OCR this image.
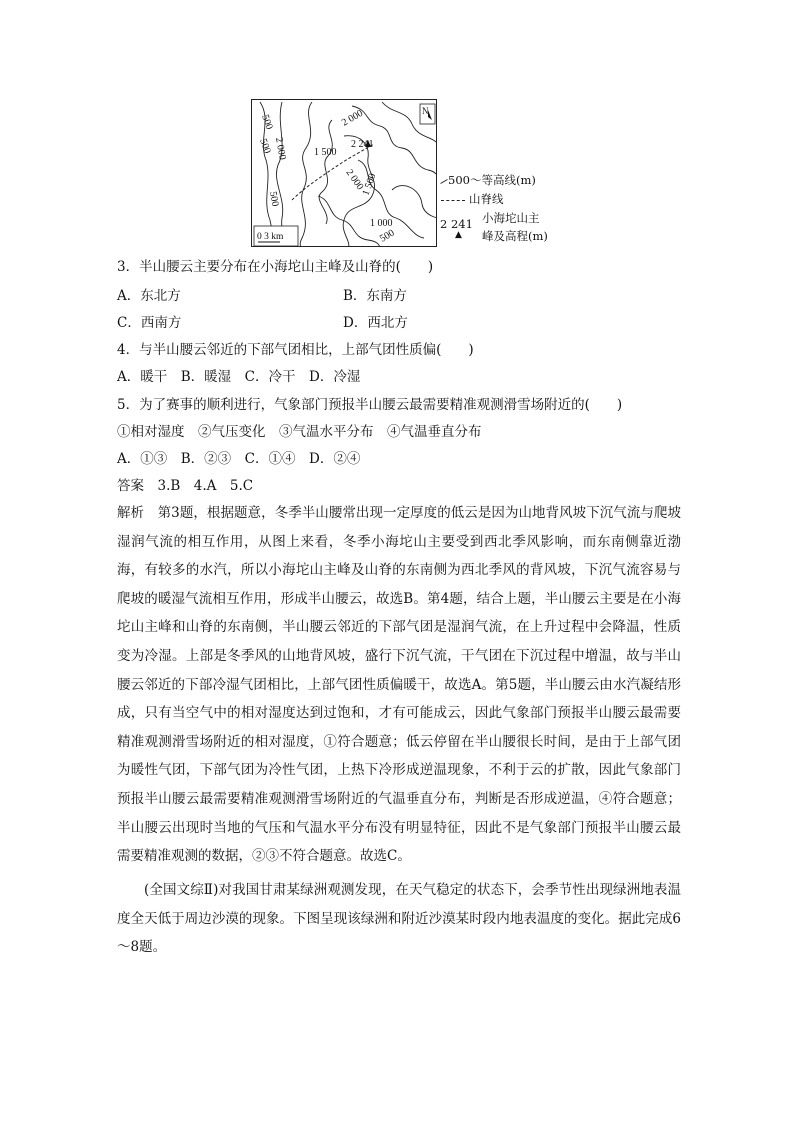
2 000
1 500
2 241
2 000
1 500
1 000
500
500
500
500
2 000
N
0 3 km
500～等高线(m)
山脊线
小海坨山主
2 241
▲ 峰及高程(m)
3．半山腰云主要分布在小海坨山主峰及山脊的(　　)
A．东北方	B．东南方
C．西南方	D．西北方
4．与半山腰云邻近的下部气团相比，上部气团性质偏(　　)
A．暖干　B．暖湿　C．冷干　D．冷湿
5．为了赛事的顺利进行，气象部门预报半山腰云最需要精准观测滑雪场附近的(　　)
①相对湿度　②气压变化　③气温水平分布　④气温垂直分布
A．①③　B．②③　C．①④　D．②④
答案　 3.B　4.A　5.C
解析　 第3题，根据题意，冬季半山腰常出现一定厚度的低云是因为山地背风坡下沉气流与爬坡湿润气流的相互作用，从图上来看，冬季小海坨山主要受到西北季风影响，而东南侧靠近渤海，有较多的水汽，所以小海坨山主峰及山脊的东南侧为西北季风的背风坡，下沉气流容易与爬坡的暖湿气流相互作用，形成半山腰云，故选B。第4题，结合上题，半山腰云主要是在小海坨山主峰和山脊的东南侧，半山腰云邻近的下部气团是湿润气流，在上升过程中会降温，性质变为冷湿。上部是冬季风的山地背风坡，盛行下沉气流，干气团在下沉过程中增温，故与半山腰云邻近的下部冷湿气团相比，上部气团性质偏暖干，故选A。第5题，半山腰云由水汽凝结形成，只有当空气中的相对湿度达到过饱和，才有可能成云，因此气象部门预报半山腰云最需要精准观测滑雪场附近的相对湿度，①符合题意；低云停留在半山腰很长时间，是由于上部气团为暖性气团，下部气团为冷性气团，上热下冷形成逆温现象，不利于云的扩散，因此气象部门预报半山腰云最需要精准观测滑雪场附近的气温垂直分布，判断是否形成逆温，④符合题意；半山腰云出现时当地的气压和气温水平分布没有明显特征，因此不是气象部门预报半山腰云最需要精准观测的数据，②③不符合题意。故选C。
(全国文综Ⅱ)对我国甘肃某绿洲观测发现，在天气稳定的状态下，会季节性出现绿洲地表温度全天低于周边沙漠的现象。下图呈现该绿洲和附近沙漠某时段内地表温度的变化。据此完成6～8题。
